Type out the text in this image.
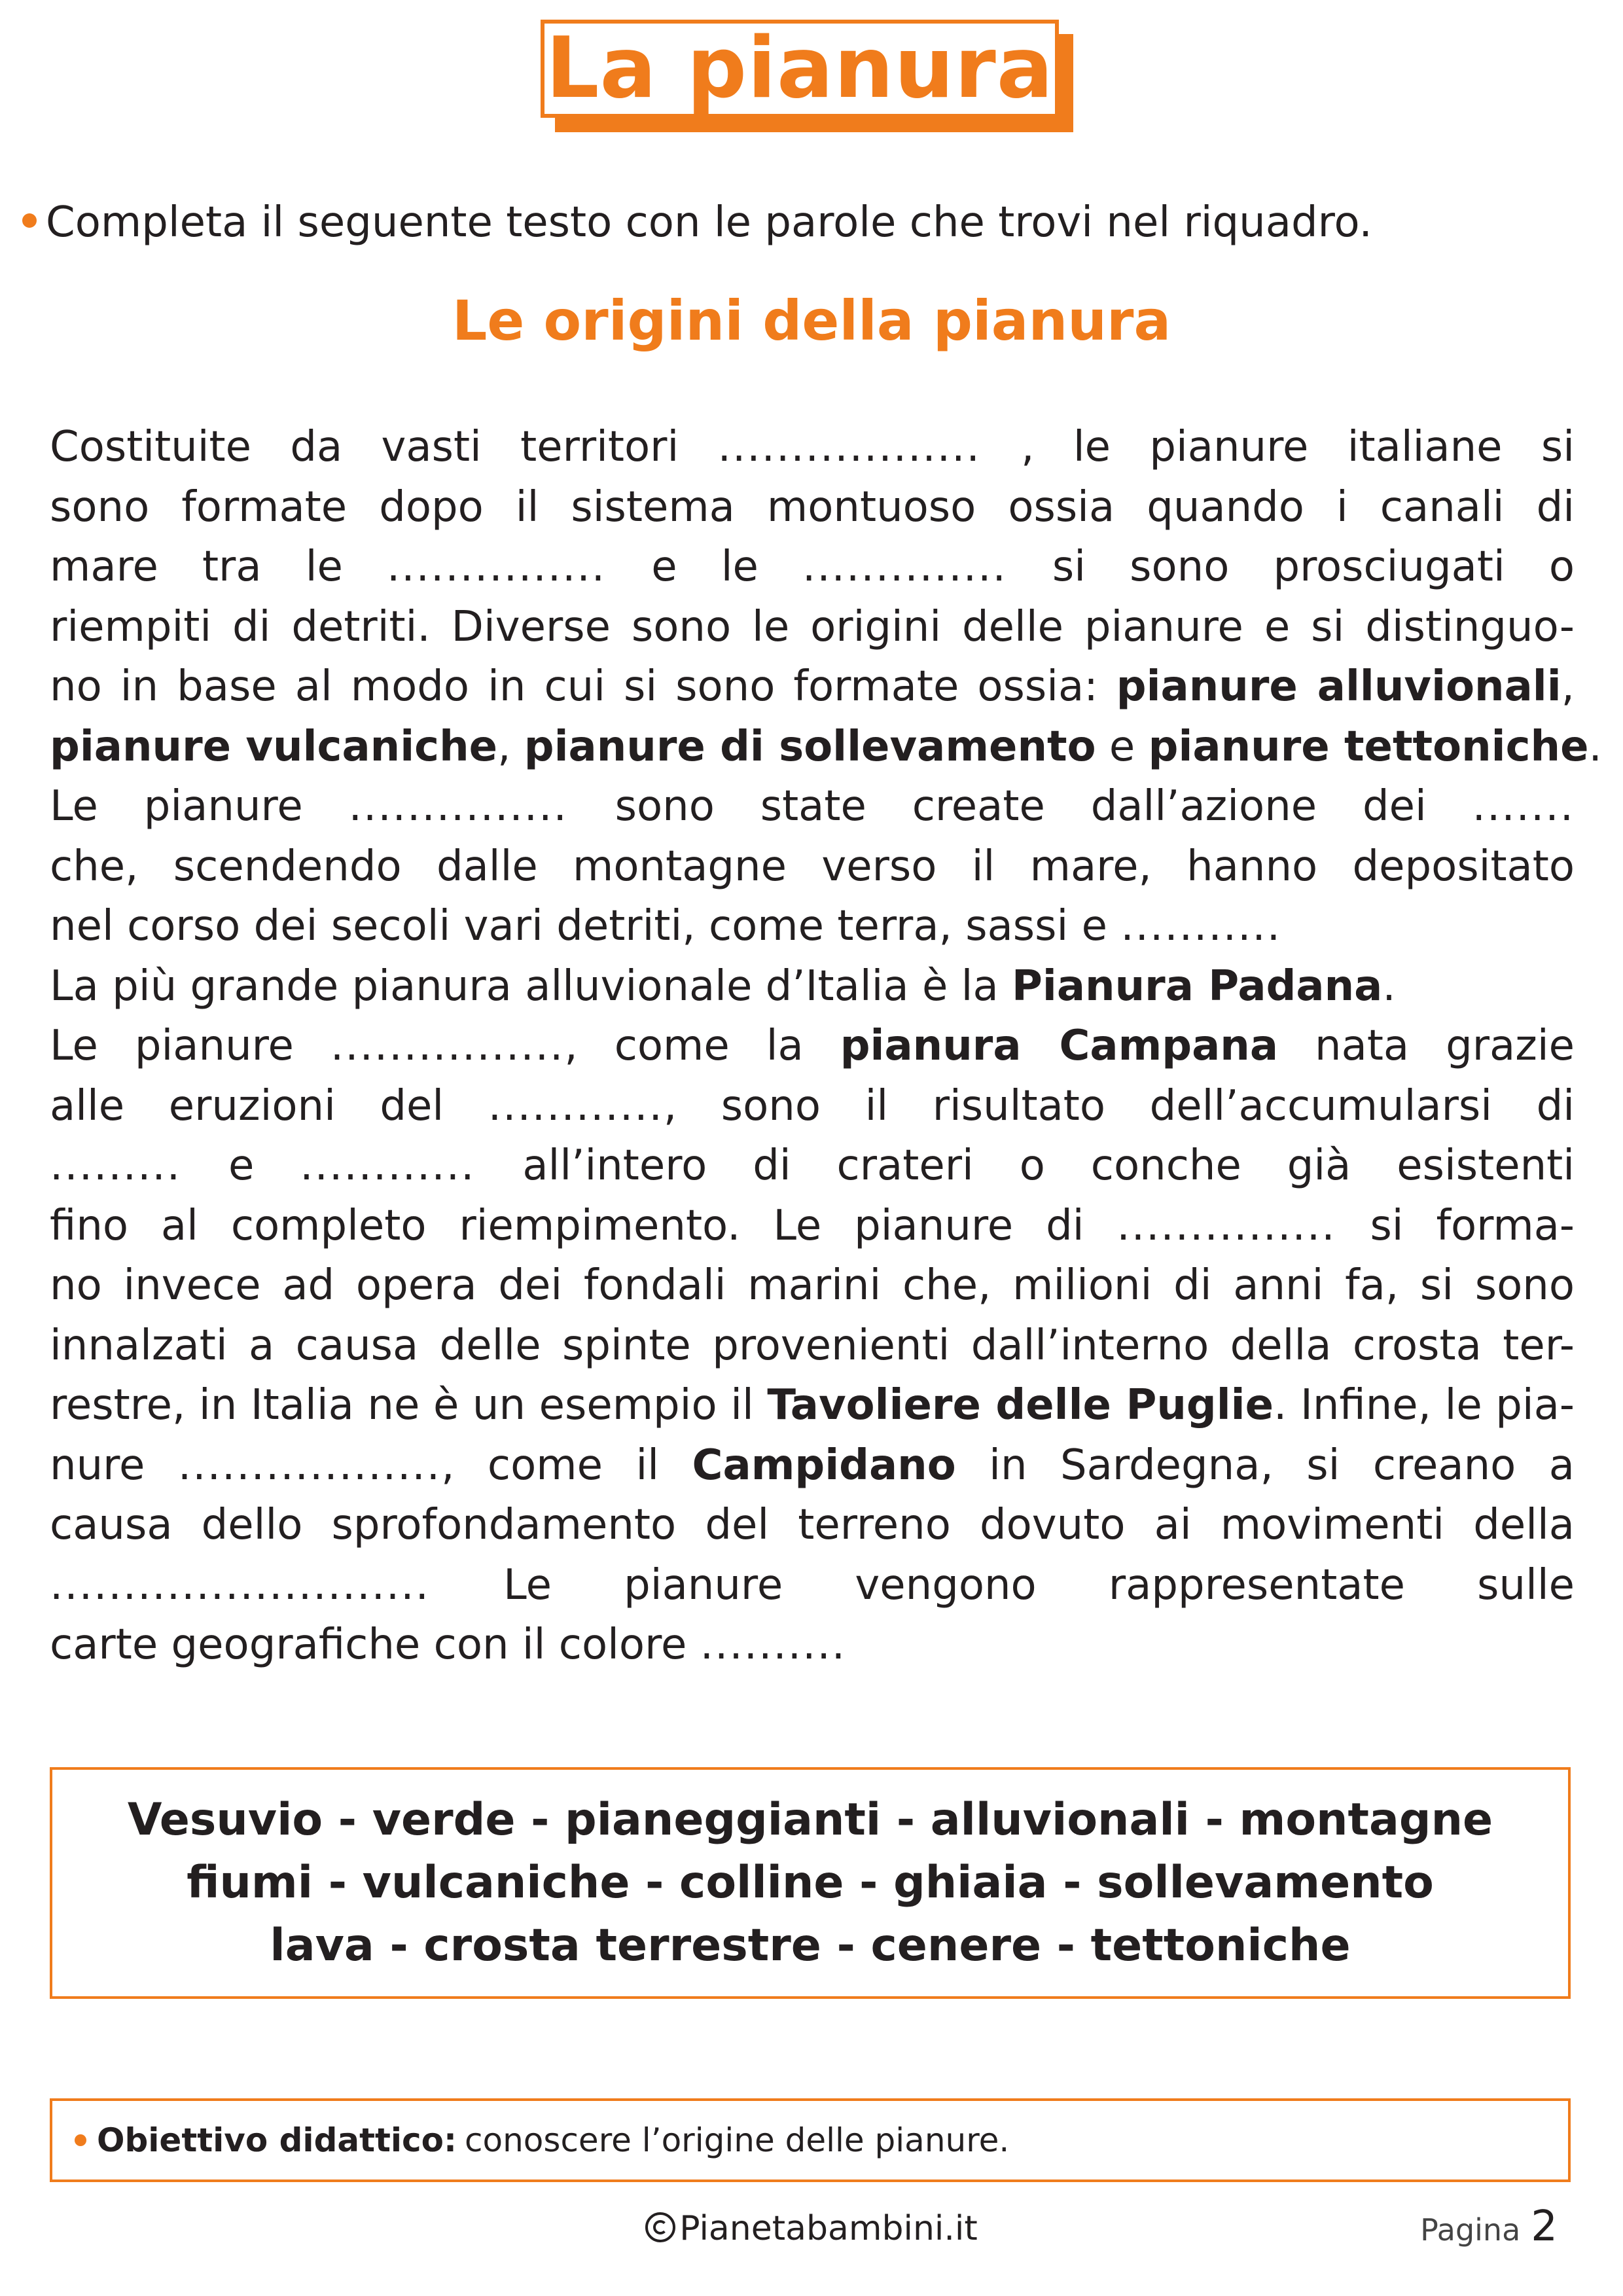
La pianura
Completa il seguente testo con le parole che trovi nel riquadro.
Le origini della pianura
Costituite da vasti territori .................. , le pianure italiane si
sono formate dopo il sistema montuoso ossia quando i canali di
mare tra le ............... e le .............. si sono prosciugati o
riempiti di detriti. Diverse sono le origini delle pianure e si distinguo-
no in base al modo in cui si sono formate ossia: pianure alluvionali,
pianure vulcaniche, pianure di sollevamento e pianure tettoniche.
Le pianure ............... sono state create dall’azione dei .......
che, scendendo dalle montagne verso il mare, hanno depositato
nel corso dei secoli vari detriti, come terra, sassi e ...........
La più grande pianura alluvionale d’Italia è la Pianura Padana.
Le pianure ................, come la pianura Campana nata grazie
alle eruzioni del ............, sono il risultato dell’accumularsi di
......... e ............ all’intero di crateri o conche già esistenti
fino al completo riempimento. Le pianure di ............... si forma-
no invece ad opera dei fondali marini che, milioni di anni fa, si sono
innalzati a causa delle spinte provenienti dall’interno della crosta ter-
restre, in Italia ne è un esempio il Tavoliere delle Puglie. Infine, le pia-
nure .................., come il Campidano in Sardegna, si creano a
causa dello sprofondamento del terreno dovuto ai movimenti della
.......................... Le pianure vengono rappresentate sulle
carte geografiche con il colore ..........
Vesuvio - verde - pianeggianti - alluvionali - montagne
fiumi - vulcaniche - colline - ghiaia - sollevamento
lava - crosta terrestre - cenere - tettoniche
Obiettivo didattico: conoscere l’origine delle pianure.
Pianetabambini.it	Pagina 2
